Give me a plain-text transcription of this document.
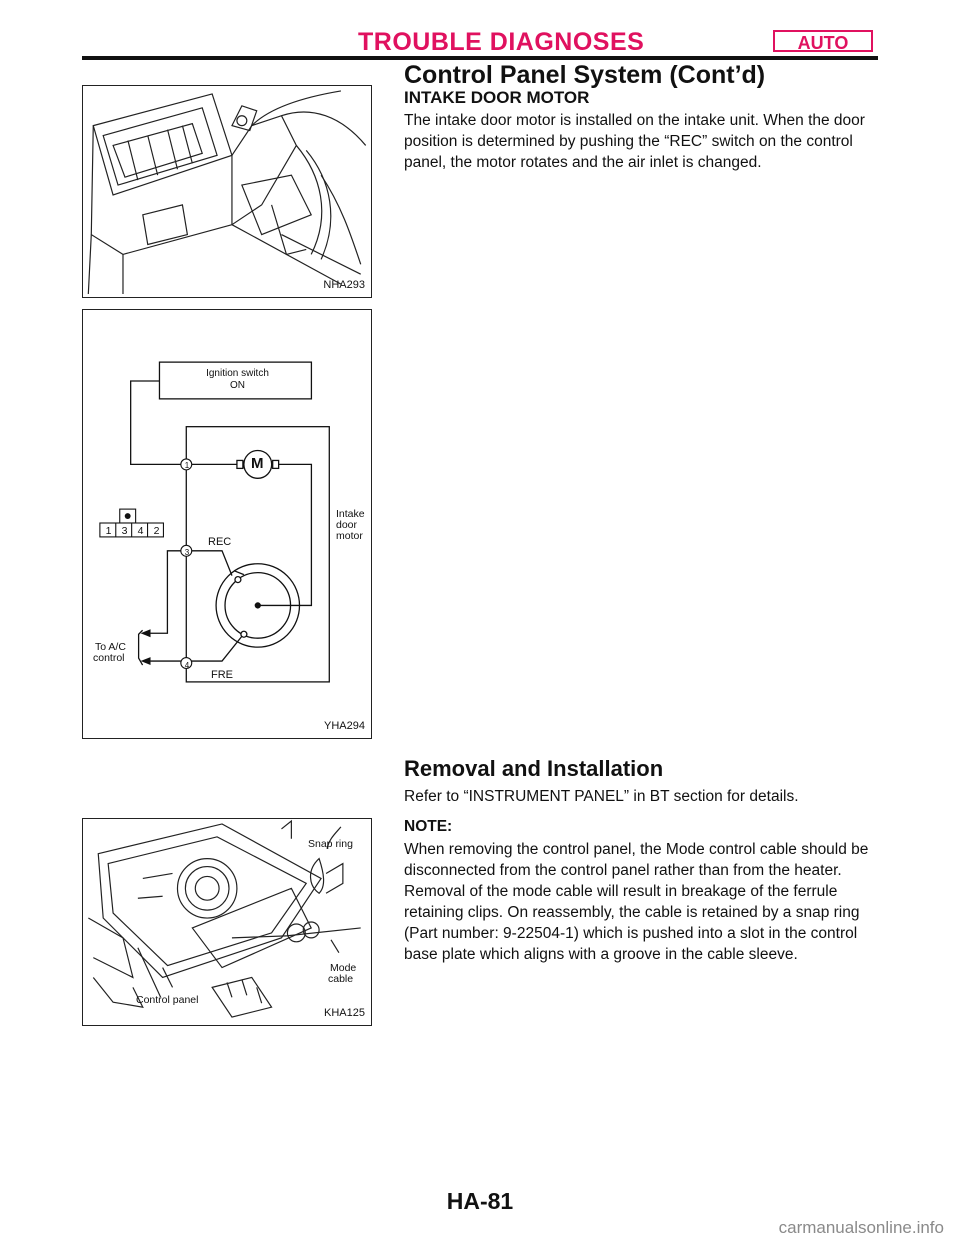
TROUBLE DIAGNOSES	AUTO
Control Panel System (Cont’d)
NHA293
Ignition switch
ON
M
Intake
door
motor
REC
FRE
To A/C
control
1
3
4
1 3 4 2
YHA294
Snap ring
Mode
cable
Control panel
KHA125
INTAKE DOOR MOTOR

The intake door motor is installed on the intake unit. When the door position is determined by pushing the “REC” switch on the control panel, the motor rotates and the air inlet is changed.

Removal and Installation

Refer to “INSTRUMENT PANEL” in BT section for details.

NOTE:

When removing the control panel, the Mode control cable should be disconnected from the control panel rather than from the heater. Removal of the mode cable will result in breakage of the ferrule retaining clips. On reassembly, the cable is retained by a snap ring (Part number: 9-22504-1) which is pushed into a slot in the control base plate which aligns with a groove in the cable sleeve.

HA-81
carmanualsonline.info
